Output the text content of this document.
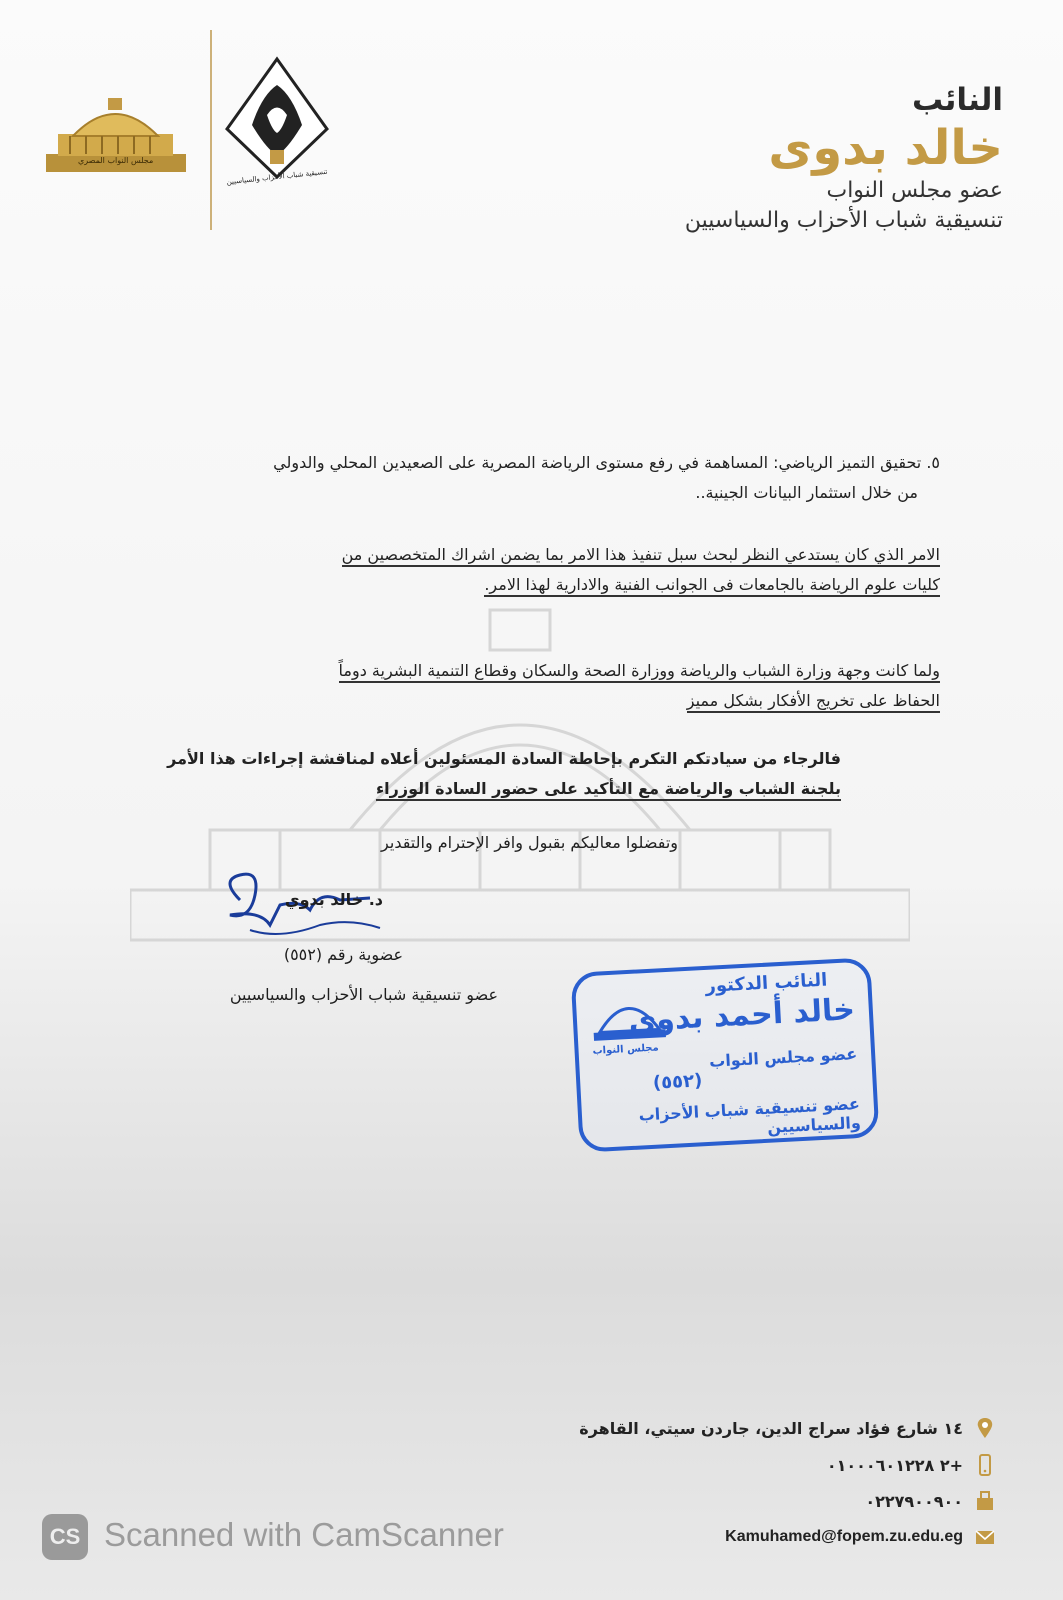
مجلس النواب المصري
تنسيقية شباب الأحزاب والسياسيين
النائب
خالد بدوى
عضو مجلس النواب
تنسيقية شباب الأحزاب والسياسيين
٥. تحقيق التميز الرياضي: المساهمة في رفع مستوى الرياضة المصرية على الصعيدين المحلي والدولي
من خلال استثمار البيانات الجينية..
الامر الذي كان يستدعي النظر لبحث سبل تنفيذ هذا الامر بما يضمن اشراك المتخصصين من
كليات علوم الرياضة بالجامعات فى الجوانب الفنية والادارية لهذا الامر.
ولما كانت وجهة وزارة الشباب والرياضة ووزارة الصحة والسكان وقطاع التنمية البشرية دوماً
الحفاظ على تخريج الأفكار بشكل مميز
فالرجاء من سيادتكم التكرم بإحاطة السادة المسئولين أعلاه لمناقشة إجراءات هذا الأمر
بلجنة الشباب والرياضة مع التأكيد على حضور السادة الوزراء
وتفضلوا معاليكم بقبول وافر الإحترام والتقدير
د. خالد بدوي
عضوية رقم (٥٥٢)
عضو تنسيقية شباب الأحزاب والسياسيين
مجلس النواب
النائب الدكتور
خالد أحمد بدوي
عضو مجلس النواب
(٥٥٢)
عضو تنسيقية شباب الأحزاب والسياسيين
١٤ شارع فؤاد سراج الدين، جاردن سيتي، القاهرة
+٢ ٠١٠٠٠٦٠١٢٢٨
٠٢٢٧٩٠٠٩٠٠
Kamuhamed@fopem.zu.edu.eg
CS Scanned with CamScanner
